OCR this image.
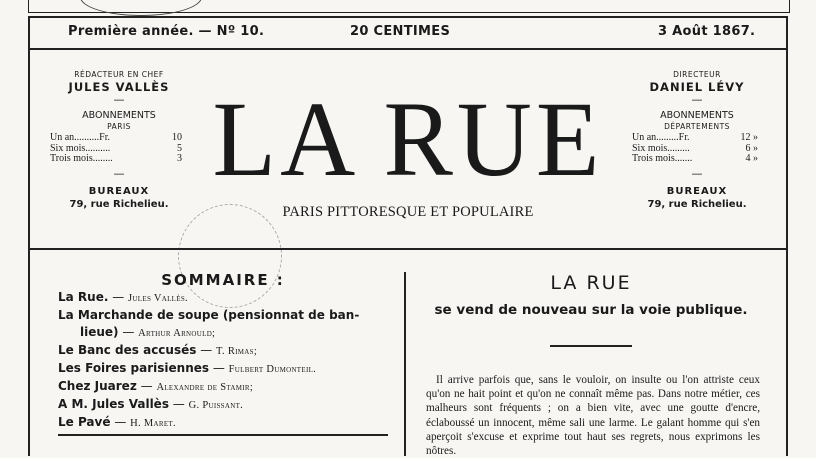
Première année. — Nº 10.	20 CENTIMES	3 Août 1867.
RÉDACTEUR EN CHEF
JULES VALLÈS
—
ABONNEMENTS
PARIS
Un an..........Fr.	10
Six mois..........	5
Trois mois........	3
—
BUREAUX
79, rue Richelieu.
DIRECTEUR
DANIEL LÉVY
—
ABONNEMENTS
DÉPARTEMENTS
Un an.........Fr.	12 »
Six mois.........	6 »
Trois mois.......	4 »
—
BUREAUX
79, rue Richelieu.
LA RUE
PARIS PITTORESQUE ET POPULAIRE
SOMMAIRE :
La Rue. — Jules Vallès.
La Marchande de soupe (pensionnat de ban-
lieue) — Arthur Arnould;
Le Banc des accusés — T. Rimas;
Les Foires parisiennes — Fulbert Dumonteil.
Chez Juarez — Alexandre de Stamir;
A M. Jules Vallès — G. Puissant.
Le Pavé — H. Maret.
LA RUE
se vend de nouveau sur la voie publique.

Il arrive parfois que, sans le vouloir, on insulte ou l'on attriste ceux qu'on ne hait point et qu'on ne connaît même pas. Dans notre métier, ces malheurs sont fréquents ; on a bien vite, avec une goutte d'encre, éclaboussé un innocent, même sali une larme. Le galant homme qui s'en aperçoit s'excuse et exprime tout haut ses regrets, nous exprimons les nôtres.
